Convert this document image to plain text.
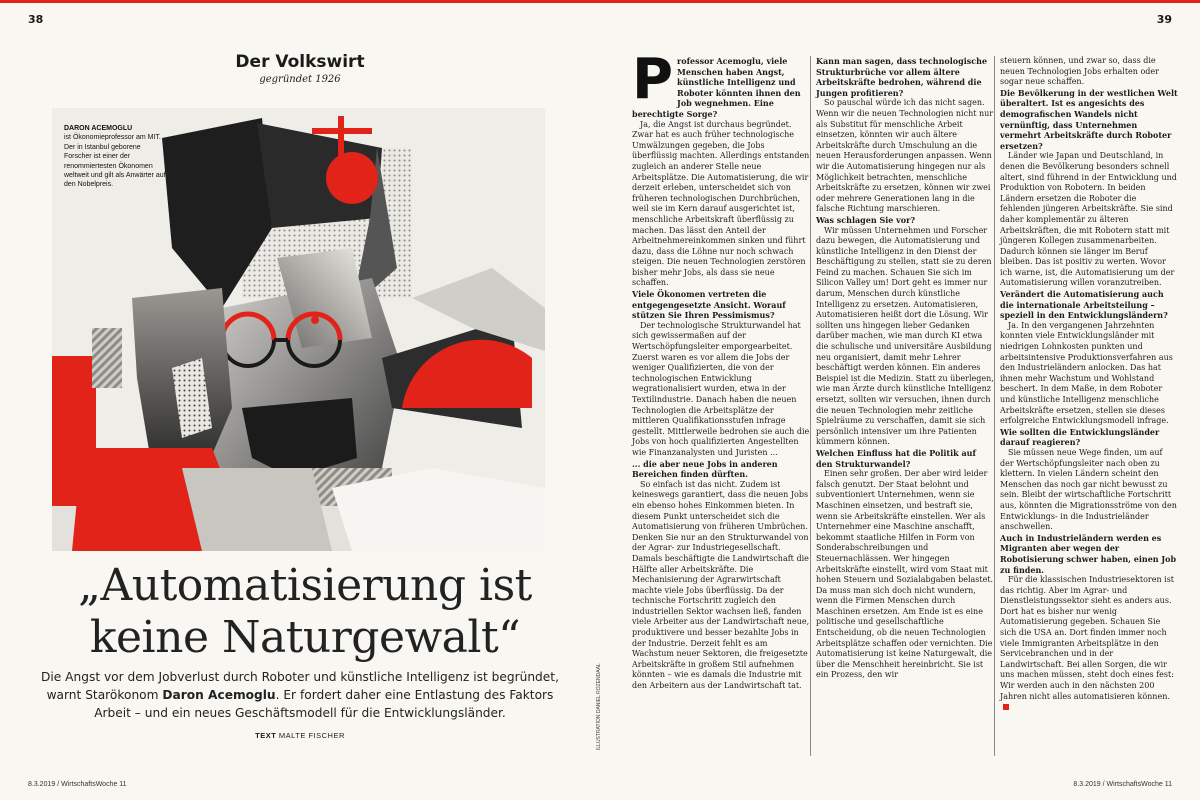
38
Der Volkswirt
gegründet 1926
DARON ACEMOGLU
ist Ökonomieprofessor am MIT. Der in Istanbul geborene Forscher ist einer der renommiertesten Ökonomen weltweit und gilt als Anwärter auf den Nobelpreis.
„Automatisierung ist
keine Naturgewalt“
Die Angst vor dem Jobverlust durch Roboter und künstliche Intelligenz ist begründet, warnt Starökonom Daron Acemoglu. Er fordert daher eine Entlastung des Faktors Arbeit – und ein neues Geschäftsmodell für die Entwicklungsländer.
TEXT MALTE FISCHER
8.3.2019 / WirtschaftsWoche 11
39
P rofessor Acemoglu, viele Menschen haben Angst, künstliche Intelligenz und Roboter könnten ihnen den Job wegnehmen. Eine berechtigte Sorge?

Ja, die Angst ist durchaus begründet. Zwar hat es auch früher technologische Umwälzungen gegeben, die Jobs überflüssig machten. Allerdings entstanden zugleich an anderer Stelle neue Arbeitsplätze. Die Automatisierung, die wir derzeit erleben, unterscheidet sich von früheren technologischen Durchbrüchen, weil sie im Kern darauf ausgerichtet ist, menschliche Arbeitskraft überflüssig zu machen. Das lässt den Anteil der Arbeitnehmereinkommen sinken und führt dazu, dass die Löhne nur noch schwach steigen. Die neuen Technologien zerstören bisher mehr Jobs, als dass sie neue schaffen.

Viele Ökonomen vertreten die entgegengesetzte Ansicht. Worauf stützen Sie Ihren Pessimismus?

Der technologische Strukturwandel hat sich gewissermaßen auf der Wertschöpfungsleiter emporgearbeitet. Zuerst waren es vor allem die Jobs der weniger Qualifizierten, die von der technologischen Entwicklung wegrationalisiert wurden, etwa in der Textilindustrie. Danach haben die neuen Technologien die Arbeitsplätze der mittleren Qualifikationsstufen infrage gestellt. Mittlerweile bedrohen sie auch die Jobs von hoch qualifizierten Angestellten wie Finanzanalysten und Juristen ...

... die aber neue Jobs in anderen Bereichen finden dürften.

So einfach ist das nicht. Zudem ist keineswegs garantiert, dass die neuen Jobs ein ebenso hohes Einkommen bieten. In diesem Punkt unterscheidet sich die Automatisierung von früheren Umbrüchen. Denken Sie nur an den Strukturwandel von der Agrar- zur Industriegesellschaft. Damals beschäftigte die Landwirtschaft die Hälfte aller Arbeitskräfte. Die Mechanisierung der Agrarwirtschaft machte viele Jobs überflüssig. Da der technische Fortschritt zugleich den industriellen Sektor wachsen ließ, fanden viele Arbeiter aus der Landwirtschaft neue, produktivere und besser bezahlte Jobs in der Industrie. Derzeit fehlt es am Wachstum neuer Sektoren, die freigesetzte Arbeitskräfte in großem Stil aufnehmen könnten – wie es damals die Industrie mit den Arbeitern aus der Landwirtschaft tat.

Kann man sagen, dass technologische Strukturbrüche vor allem ältere Arbeitskräfte bedrohen, während die Jungen profitieren?

So pauschal würde ich das nicht sagen. Wenn wir die neuen Technologien nicht nur als Substitut für menschliche Arbeit einsetzen, könnten wir auch ältere Arbeitskräfte durch Umschulung an die neuen Herausforderungen anpassen. Wenn wir die Automatisierung hingegen nur als Möglichkeit betrachten, menschliche Arbeitskräfte zu ersetzen, können wir zwei oder mehrere Generationen lang in die falsche Richtung marschieren.

Was schlagen Sie vor?

Wir müssen Unternehmen und Forscher dazu bewegen, die Automatisierung und künstliche Intelligenz in den Dienst der Beschäftigung zu stellen, statt sie zu deren Feind zu machen. Schauen Sie sich im Silicon Valley um! Dort geht es immer nur darum, Menschen durch künstliche Intelligenz zu ersetzen. Automatisieren, Automatisieren heißt dort die Lösung. Wir sollten uns hingegen lieber Gedanken darüber machen, wie man durch KI etwa die schulische und universitäre Ausbildung neu organisiert, damit mehr Lehrer beschäftigt werden können. Ein anderes Beispiel ist die Medizin. Statt zu überlegen, wie man Ärzte durch künstliche Intelligenz ersetzt, sollten wir versuchen, ihnen durch die neuen Technologien mehr zeitliche Spielräume zu verschaffen, damit sie sich persönlich intensiver um ihre Patienten kümmern können.

Welchen Einfluss hat die Politik auf den Strukturwandel?

Einen sehr großen. Der aber wird leider falsch genutzt. Der Staat belohnt und subventioniert Unternehmen, wenn sie Maschinen einsetzen, und bestraft sie, wenn sie Arbeitskräfte einstellen. Wer als Unternehmer eine Maschine anschafft, bekommt staatliche Hilfen in Form von Sonderabschreibungen und Steuernachlässen. Wer hingegen Arbeitskräfte einstellt, wird vom Staat mit hohen Steuern und Sozialabgaben belastet. Da muss man sich doch nicht wundern, wenn die Firmen Menschen durch Maschinen ersetzen. Am Ende ist es eine politische und gesellschaftliche Entscheidung, ob die neuen Technologien Arbeitsplätze schaffen oder vernichten. Die Automatisierung ist keine Naturgewalt, die über die Menschheit hereinbricht. Sie ist ein Prozess, den wir

steuern können, und zwar so, dass die neuen Technologien Jobs erhalten oder sogar neue schaffen.

Die Bevölkerung in der westlichen Welt überaltert. Ist es angesichts des demografischen Wandels nicht vernünftig, dass Unternehmen vermehrt Arbeitskräfte durch Roboter ersetzen?

Länder wie Japan und Deutschland, in denen die Bevölkerung besonders schnell altert, sind führend in der Entwicklung und Produktion von Robotern. In beiden Ländern ersetzen die Roboter die fehlenden jüngeren Arbeitskräfte. Sie sind daher komplementär zu älteren Arbeitskräften, die mit Robotern statt mit jüngeren Kollegen zusammenarbeiten. Dadurch können sie länger im Beruf bleiben. Das ist positiv zu werten. Wovor ich warne, ist, die Automatisierung um der Automatisierung willen voranzutreiben.

Verändert die Automatisierung auch die internationale Arbeitsteilung – speziell in den Entwicklungsländern?

Ja. In den vergangenen Jahrzehnten konnten viele Entwicklungsländer mit niedrigen Lohnkosten punkten und arbeitsintensive Produktionsverfahren aus den Industrieländern anlocken. Das hat ihnen mehr Wachstum und Wohlstand beschert. In dem Maße, in dem Roboter und künstliche Intelligenz menschliche Arbeitskräfte ersetzen, stellen sie dieses erfolgreiche Entwicklungsmodell infrage.

Wie sollten die Entwicklungsländer darauf reagieren?

Sie müssen neue Wege finden, um auf der Wertschöpfungsleiter nach oben zu klettern. In vielen Ländern scheint den Menschen das noch gar nicht bewusst zu sein. Bleibt der wirtschaftliche Fortschritt aus, könnten die Migrationsströme von den Entwicklungs- in die Industrieländer anschwellen.

Auch in Industrieländern werden es Migranten aber wegen der Robotisierung schwer haben, einen Job zu finden.

Für die klassischen Industriesektoren ist das richtig. Aber im Agrar- und Dienstleistungssektor sieht es anders aus. Dort hat es bisher nur wenig Automatisierung gegeben. Schauen Sie sich die USA an. Dort finden immer noch viele Immigranten Arbeitsplätze in den Servicebranchen und in der Landwirtschaft. Bei allen Sorgen, die wir uns machen müssen, steht doch eines fest: Wir werden auch in den nächsten 200 Jahren nicht alles automatisieren können.

8.3.2019 / WirtschaftsWoche 11
